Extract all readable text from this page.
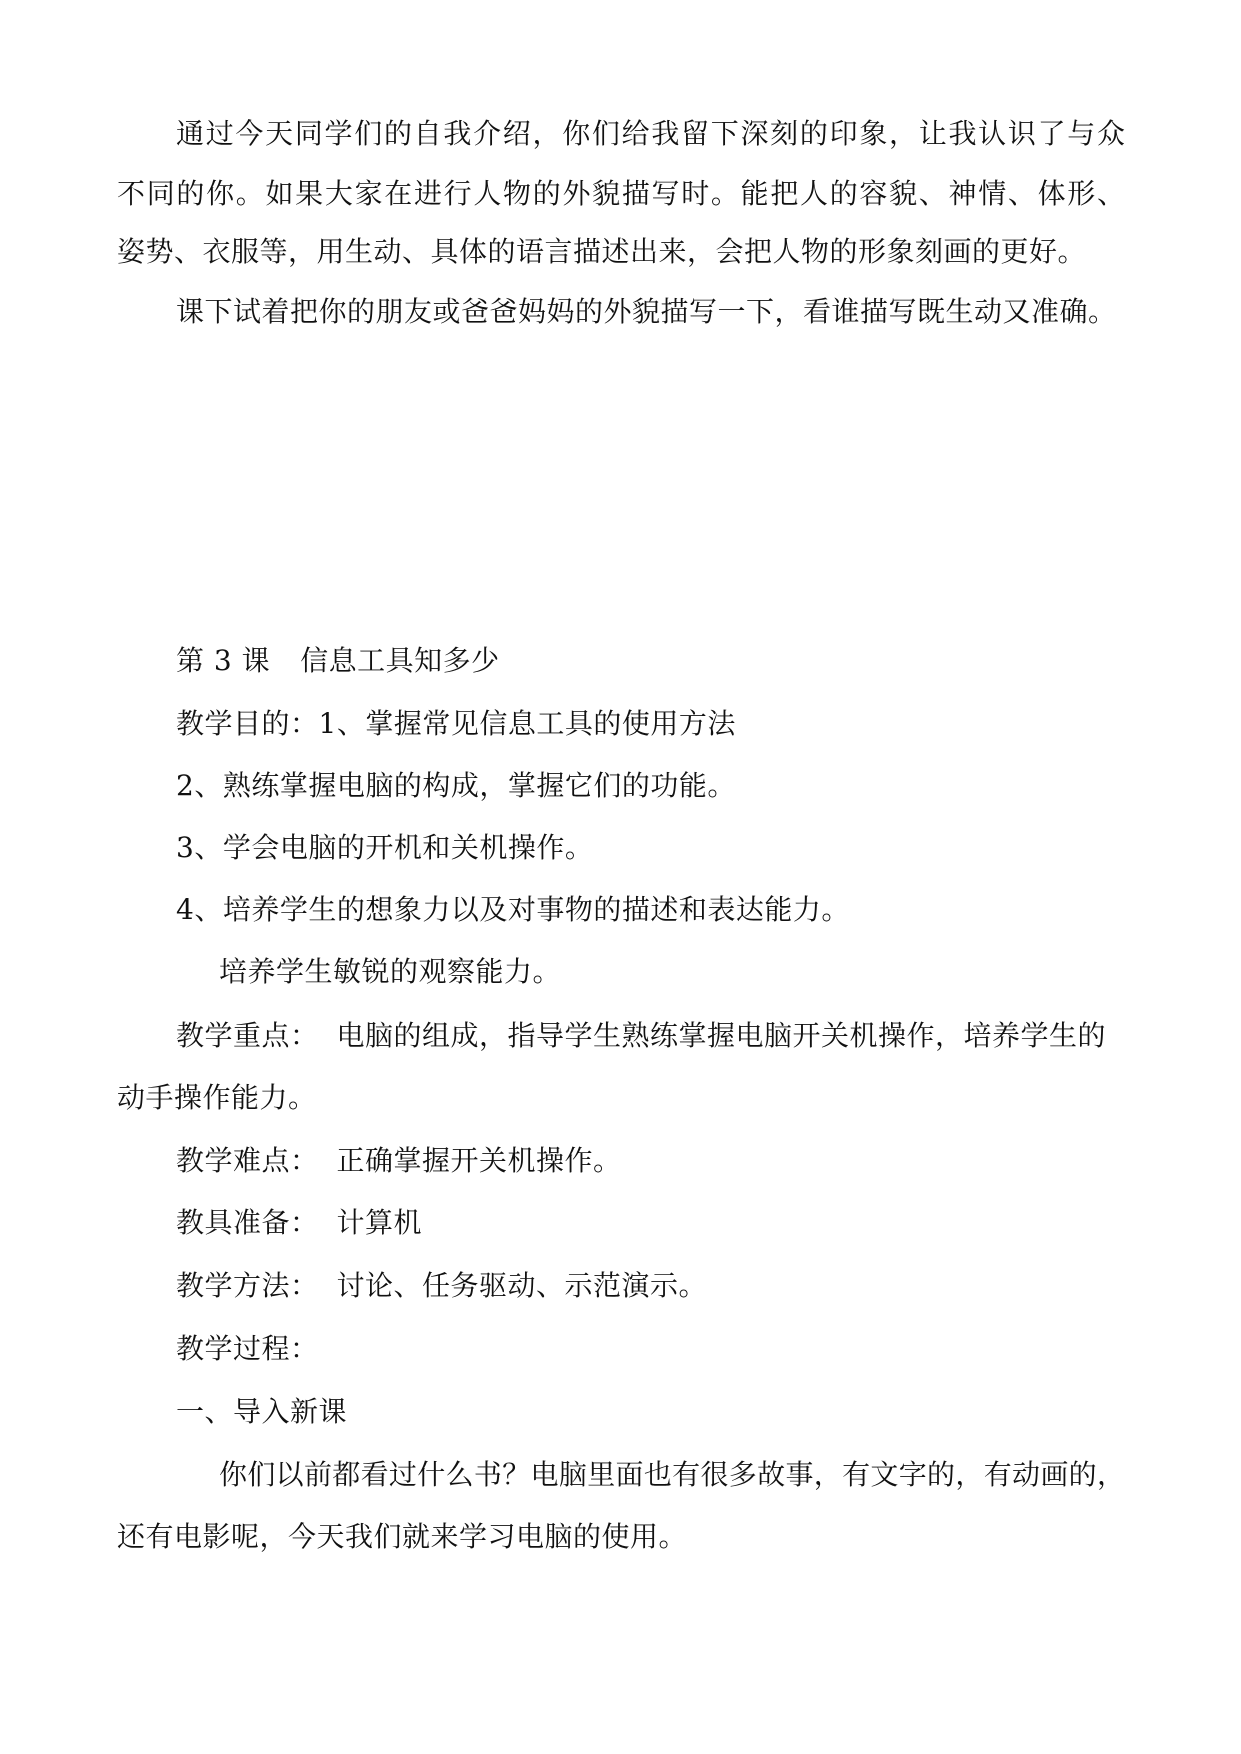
通过今天同学们的自我介绍，你们给我留下深刻的印象，让我认识了与众
不同的你。如果大家在进行人物的外貌描写时。能把人的容貌、神情、体形、
姿势、衣服等，用生动、具体的语言描述出来，会把人物的形象刻画的更好。
课下试着把你的朋友或爸爸妈妈的外貌描写一下，看谁描写既生动又准确。
第 3 课 信息工具知多少
教学目的：1、掌握常见信息工具的使用方法
2、熟练掌握电脑的构成，掌握它们的功能。
3、学会电脑的开机和关机操作。
4、培养学生的想象力以及对事物的描述和表达能力。
培养学生敏锐的观察能力。
教学重点： 电脑的组成，指导学生熟练掌握电脑开关机操作，培养学生的
动手操作能力。
教学难点： 正确掌握开关机操作。
教具准备： 计算机
教学方法： 讨论、任务驱动、示范演示。
教学过程：
一、导入新课
你们以前都看过什么书？电脑里面也有很多故事，有文字的，有动画的，
还有电影呢，今天我们就来学习电脑的使用。
